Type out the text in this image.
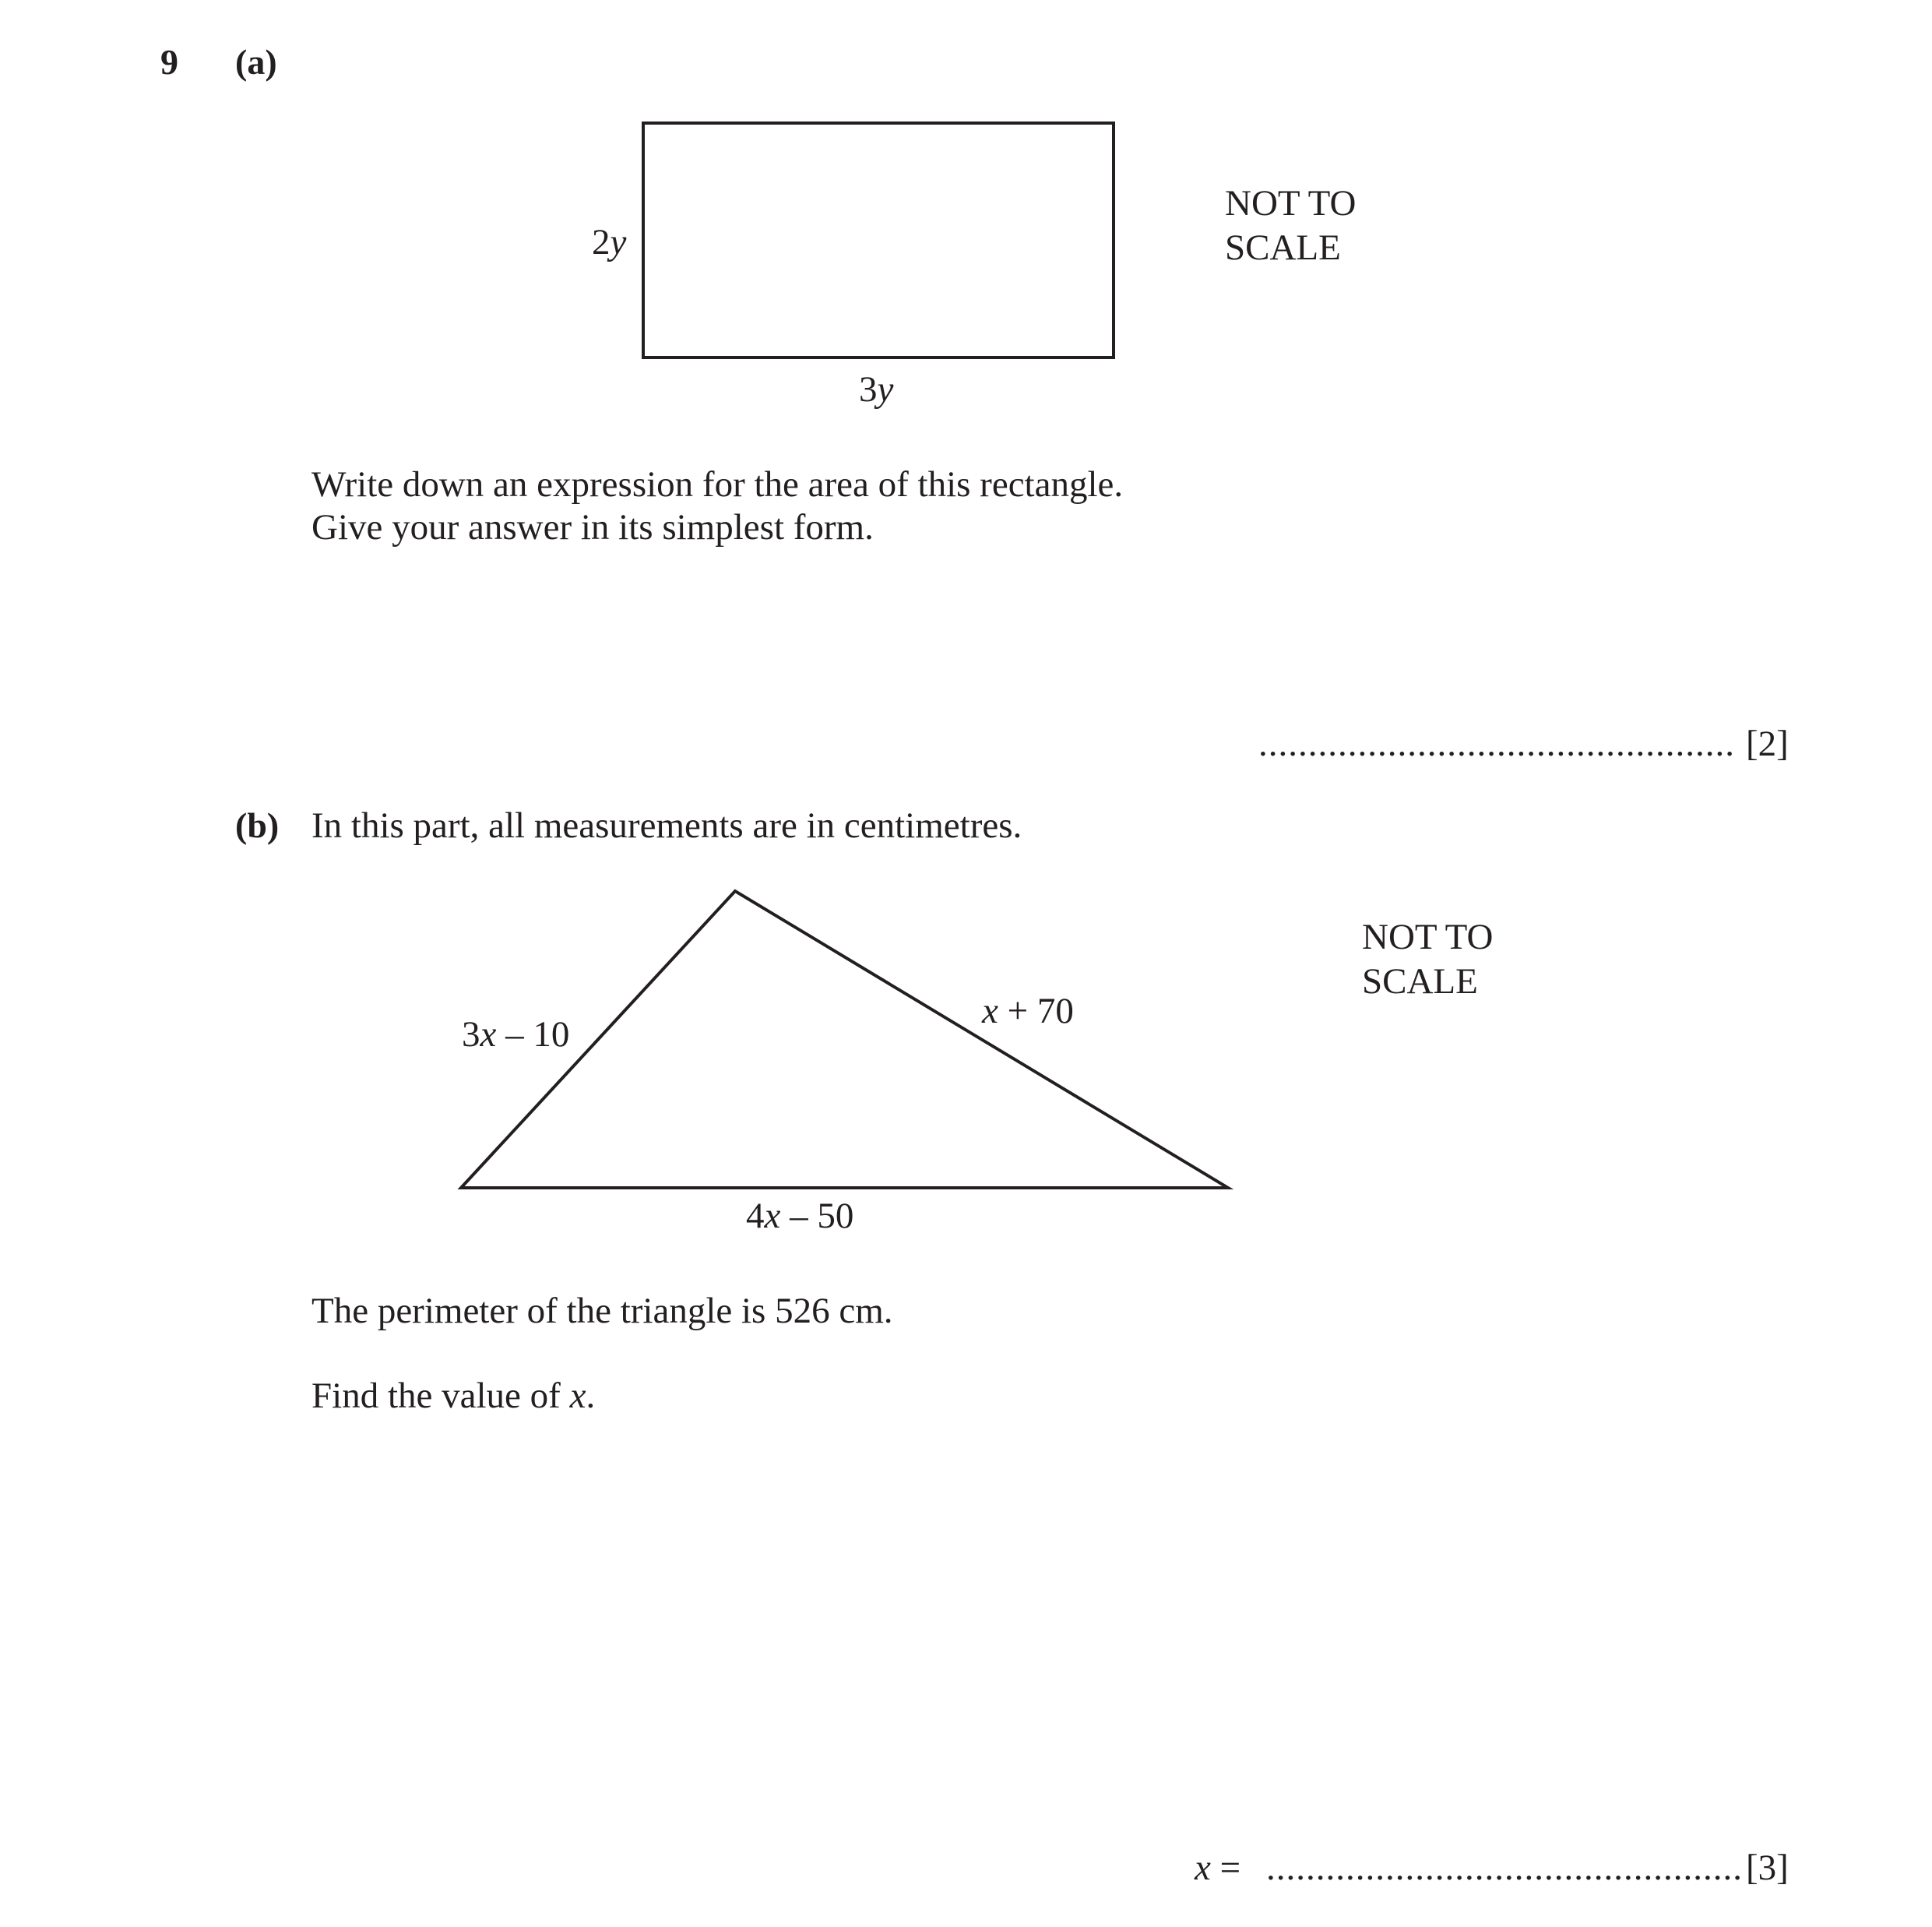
9 (a)
2y
3y
NOT TO
SCALE
Write down an expression for the area of this rectangle.
Give your answer in its simplest form.
................................................ [2]
(b) In this part, all measurements are in centimetres.
3x – 10
x + 70
4x – 50
NOT TO
SCALE
The perimeter of the triangle is 526 cm.
Find the value of x.
x = ................................................ [3]
